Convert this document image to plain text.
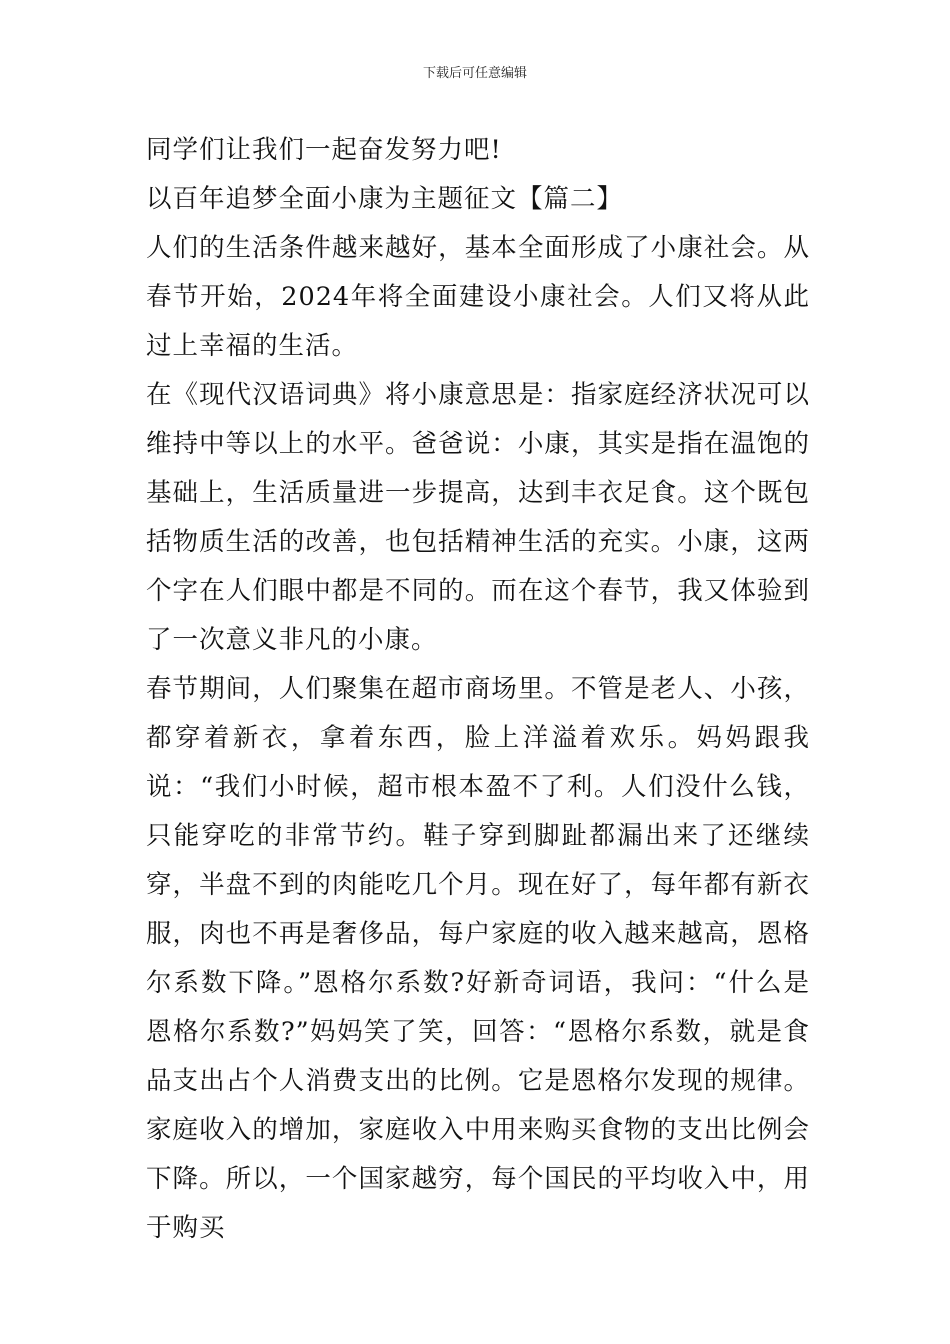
下载后可任意编辑

同学们让我们一起奋发努力吧!

以百年追梦全面小康为主题征文【篇二】

人们的生活条件越来越好，基本全面形成了小康社会。从春节开始，2024年将全面建设小康社会。人们又将从此过上幸福的生活。

在《现代汉语词典》将小康意思是：指家庭经济状况可以维持中等以上的水平。爸爸说：小康，其实是指在温饱的基础上，生活质量进一步提高，达到丰衣足食。这个既包括物质生活的改善，也包括精神生活的充实。小康，这两个字在人们眼中都是不同的。而在这个春节，我又体验到了一次意义非凡的小康。

春节期间，人们聚集在超市商场里。不管是老人、小孩，都穿着新衣，拿着东西，脸上洋溢着欢乐。妈妈跟我说：“我们小时候，超市根本盈不了利。人们没什么钱，只能穿吃的非常节约。鞋子穿到脚趾都漏出来了还继续穿，半盘不到的肉能吃几个月。现在好了，每年都有新衣服，肉也不再是奢侈品，每户家庭的收入越来越高，恩格尔系数下降。”恩格尔系数?好新奇词语，我问：“什么是恩格尔系数?”妈妈笑了笑，回答：“恩格尔系数，就是食品支出占个人消费支出的比例。它是恩格尔发现的规律。家庭收入的增加，家庭收入中用来购买食物的支出比例会下降。所以，一个国家越穷，每个国民的平均收入中，用于购买
